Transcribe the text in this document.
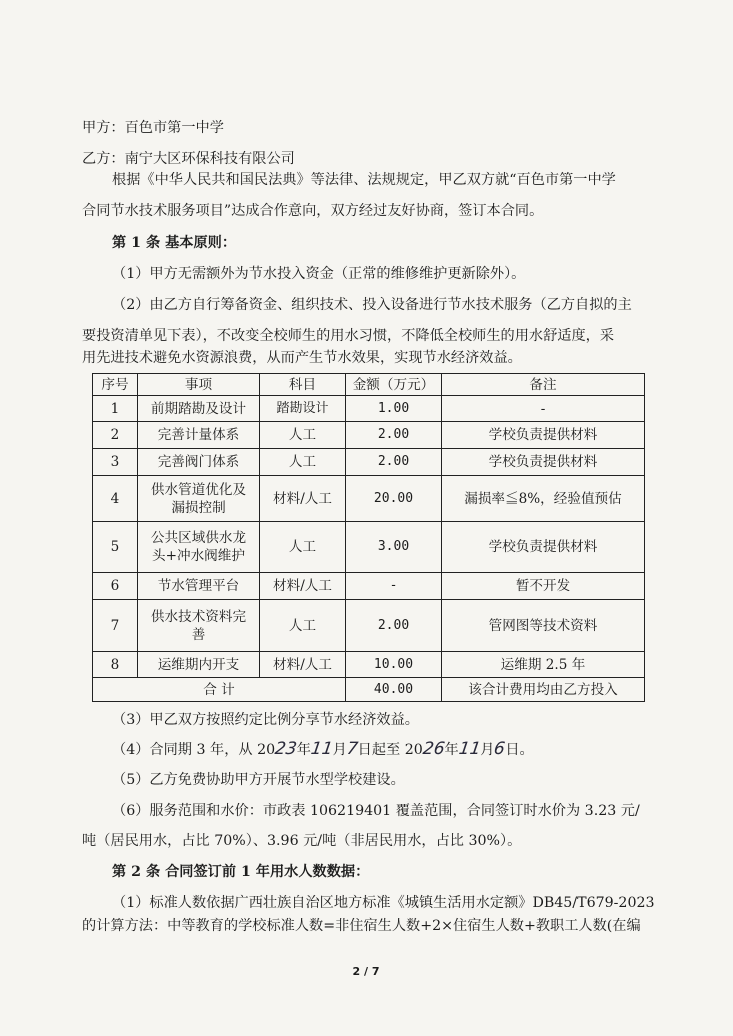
甲方：百色市第一中学
乙方：南宁大区环保科技有限公司
根据《中华人民共和国民法典》等法律、法规规定，甲乙双方就“百色市第一中学
合同节水技术服务项目”达成合作意向，双方经过友好协商，签订本合同。
第 1 条 基本原则：
（1）甲方无需额外为节水投入资金（正常的维修维护更新除外）。
（2）由乙方自行筹备资金、组织技术、投入设备进行节水技术服务（乙方自拟的主
要投资清单见下表），不改变全校师生的用水习惯，不降低全校师生的用水舒适度，采
用先进技术避免水资源浪费，从而产生节水效果，实现节水经济效益。
序号	事项	科目	金额（万元）	备注
1	前期踏勘及设计	踏勘设计	1.00	-
2	完善计量体系	人工	2.00	学校负责提供材料
3	完善阀门体系	人工	2.00	学校负责提供材料
4	供水管道优化及
漏损控制	材料/人工	20.00	漏损率≦8%，经验值预估
5	公共区域供水龙
头+冲水阀维护	人工	3.00	学校负责提供材料
6	节水管理平台	材料/人工	-	暂不开发
7	供水技术资料完
善	人工	2.00	管网图等技术资料
8	运维期内开支	材料/人工	10.00	运维期 2.5 年
合 计			40.00	该合计费用均由乙方投入
（3）甲乙双方按照约定比例分享节水经济效益。
（4）合同期 3 年，从 2023年11月7日起至 2026年11月6日。
（5）乙方免费协助甲方开展节水型学校建设。
（6）服务范围和水价：市政表 106219401 覆盖范围，合同签订时水价为 3.23 元/
吨（居民用水，占比 70%）、3.96 元/吨（非居民用水，占比 30%）。
第 2 条 合同签订前 1 年用水人数数据：
（1）标准人数依据广西壮族自治区地方标准《城镇生活用水定额》DB45/T679-2023
的计算方法：中等教育的学校标准人数=非住宿生人数+2×住宿生人数+教职工人数(在编
2 / 7
